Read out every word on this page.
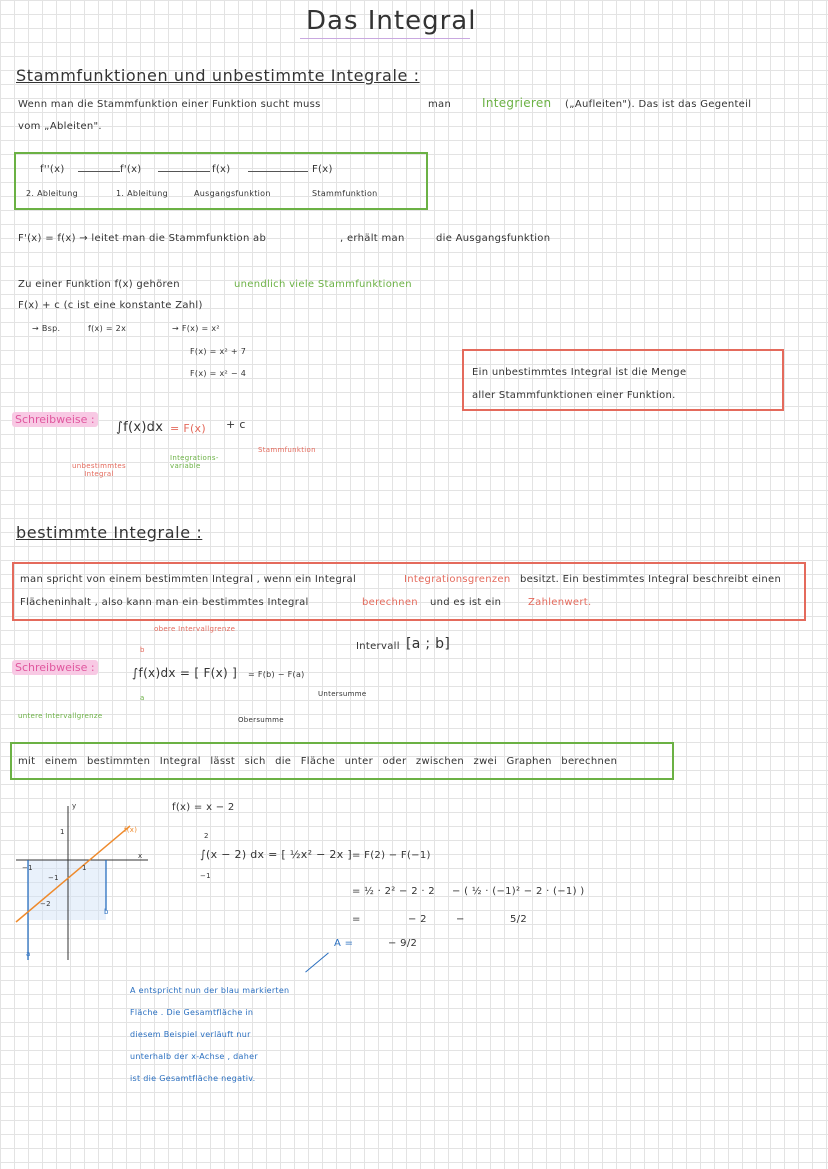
Das Integral
Stammfunktionen und unbestimmte Integrale :
Wenn man die Stammfunktion einer Funktion sucht muss	man	Integrieren („Aufleiten"). Das ist das Gegenteil
vom „Ableiten".
f''(x)	f'(x)	f(x)	F(x)
2. Ableitung	1. Ableitung	Ausgangsfunktion	Stammfunktion
F'(x) = f(x) → leitet man die Stammfunktion ab	, erhält man	die Ausgangsfunktion
Zu einer Funktion f(x) gehören	unendlich viele Stammfunktionen
F(x) + c (c ist eine konstante Zahl)
→ Bsp.	f(x) = 2x	→ F(x) = x²
F(x) = x² + 7
F(x) = x² − 4	Ein unbestimmtes Integral ist die Menge
aller Stammfunktionen einer Funktion.
Schreibweise :
∫f(x)dx = F(x) + c
unbestimmtes Integral
Integrations- variable
Stammfunktion
bestimmte Integrale :
man spricht von einem bestimmten Integral , wenn ein Integral	Integrationsgrenzen besitzt. Ein bestimmtes Integral beschreibt einen
Flächeninhalt , also kann man ein bestimmtes Integral	berechnen und es ist ein	Zahlenwert.
obere Intervallgrenze
Intervall [a ; b]
Schreibweise :
b
∫f(x)dx = [ F(x) ]
a
= F(b) − F(a)
Untersumme
Obersumme
untere Intervallgrenze
mit einem bestimmten Integral lässt sich die Fläche unter oder zwischen zwei Graphen berechnen
y
x
f(x)
1
1
−1
−1
−2
b
a
f(x) = x − 2
2
∫(x − 2) dx = [ ½x² − 2x ]
−1
= F(2) − F(−1)
= ½ · 2² − 2 · 2 − ( ½ · (−1)² − 2 · (−1) )
=	− 2	−	5/2
A =	− 9/2
A entspricht nun der blau markierten
Fläche . Die Gesamtfläche in
diesem Beispiel verläuft nur
unterhalb der x-Achse , daher
ist die Gesamtfläche negativ.
